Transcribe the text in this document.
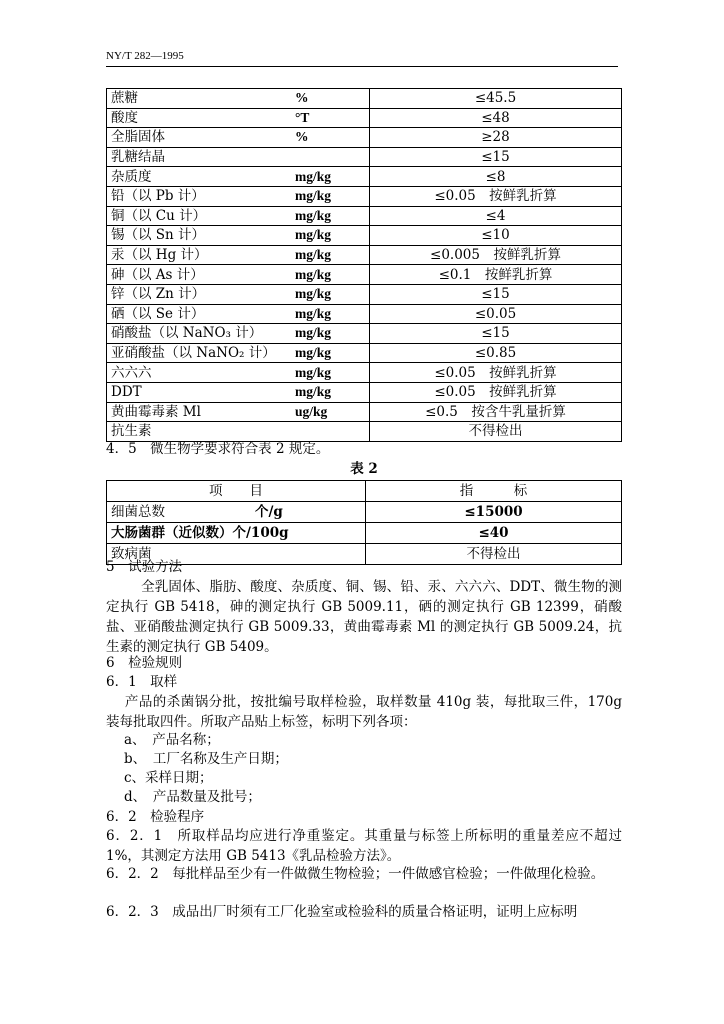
NY/T 282—1995
蔗糖	%	≤45.5
酸度	°T	≤48
全脂固体	%	≥28
乳糖结晶		≤15
杂质度	mg/kg	≤8
铅（以 Pb 计）	mg/kg	≤0.05　按鲜乳折算
铜（以 Cu 计）	mg/kg	≤4
锡（以 Sn 计）	mg/kg	≤10
汞（以 Hg 计）	mg/kg	≤0.005　按鲜乳折算
砷（以 As 计）	mg/kg	≤0.1　按鲜乳折算
锌（以 Zn 计）	mg/kg	≤15
硒（以 Se 计）	mg/kg	≤0.05
硝酸盐（以 NaNO₃ 计）	mg/kg	≤15
亚硝酸盐（以 NaNO₂ 计）	mg/kg	≤0.85
六六六	mg/kg	≤0.05　按鲜乳折算
DDT	mg/kg	≤0.05　按鲜乳折算
黄曲霉毒素 Ml	ug/kg	≤0.5　按含牛乳量折算
抗生素		不得检出
4．5　微生物学要求符合表 2 规定。
表 2
项　　目	指　　　标
细菌总数 个/g	≤15000
大肠菌群（近似数）个/100g	≤40
致病菌	不得检出
5　试验方法
全乳固体、脂肪、酸度、杂质度、铜、锡、铅、汞、六六六、DDT、微生物的测定执行 GB 5418，砷的测定执行 GB 5009.11，硒的测定执行 GB 12399，硝酸盐、亚硝酸盐测定执行 GB 5009.33，黄曲霉毒素 Ml 的测定执行 GB 5009.24，抗生素的测定执行 GB 5409。
6　检验规则
6．1　取样
产品的杀菌锅分批，按批编号取样检验，取样数量 410g 装，每批取三件，170g 装每批取四件。所取产品贴上标签，标明下列各项：
a、　产品名称；
b、　工厂名称及生产日期；
c、采样日期；
d、　产品数量及批号；
6．2　检验程序
6．2．1　所取样品均应进行净重鉴定。其重量与标签上所标明的重量差应不超过 1%，其测定方法用 GB 5413《乳品检验方法》。
6．2．2　每批样品至少有一件做微生物检验；一件做感官检验；一件做理化检验。
6．2．3　成品出厂时须有工厂化验室或检验科的质量合格证明，证明上应标明
